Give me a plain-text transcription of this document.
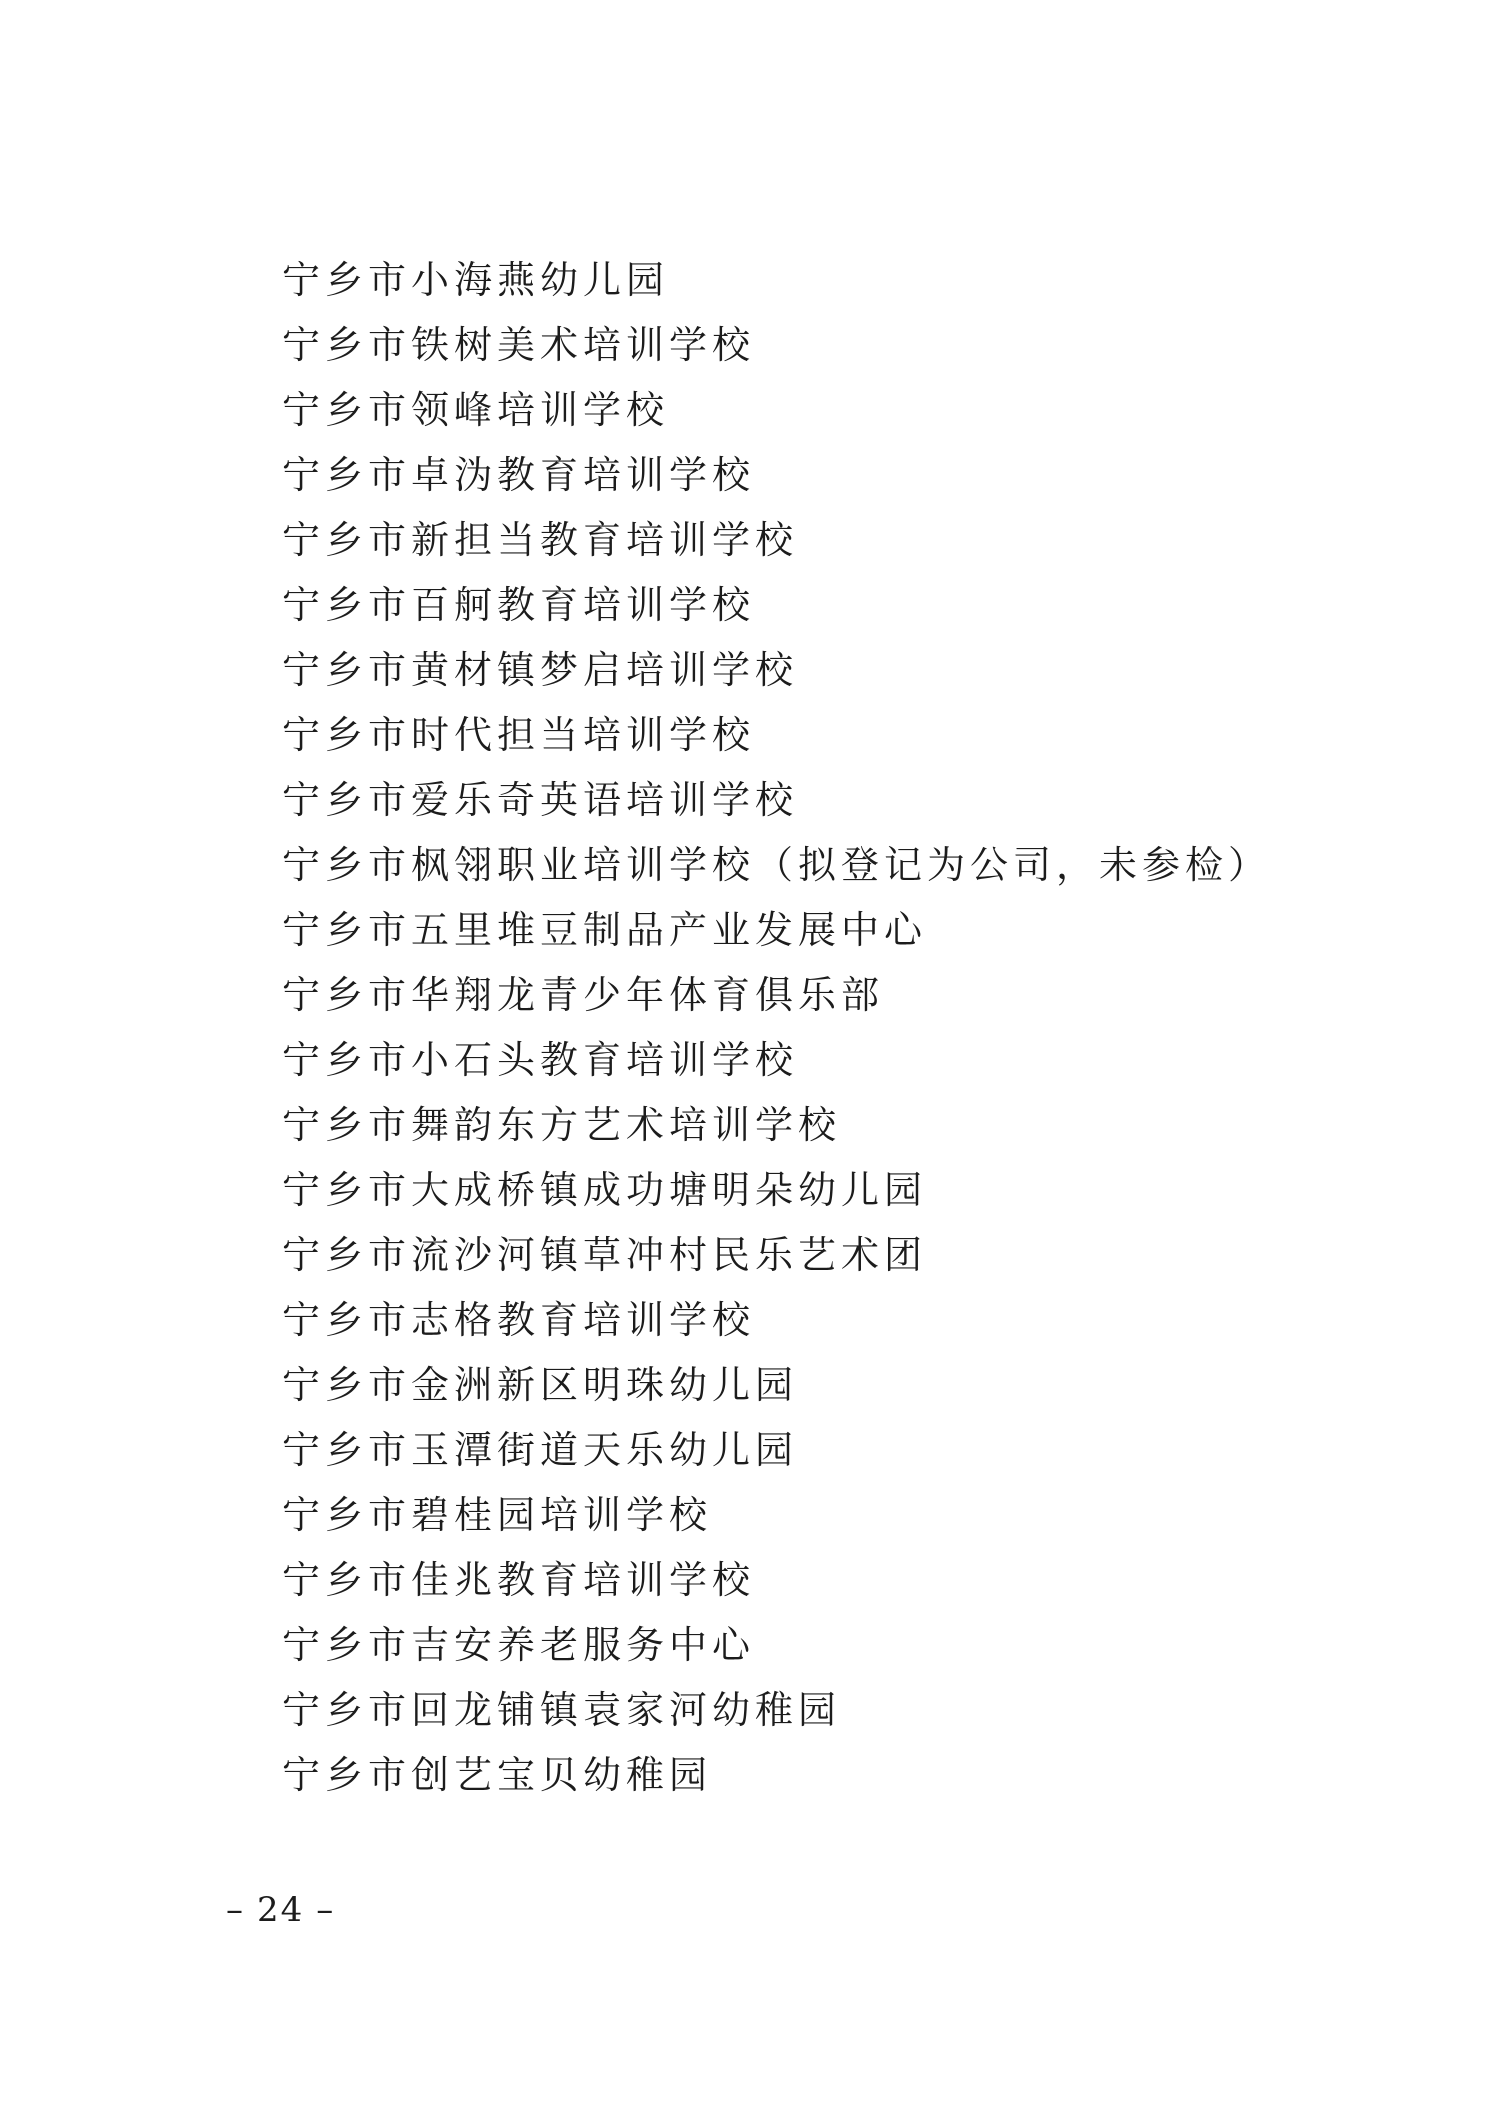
宁乡市小海燕幼儿园
宁乡市铁树美术培训学校
宁乡市领峰培训学校
宁乡市卓沩教育培训学校
宁乡市新担当教育培训学校
宁乡市百舸教育培训学校
宁乡市黄材镇梦启培训学校
宁乡市时代担当培训学校
宁乡市爱乐奇英语培训学校
宁乡市枫翎职业培训学校（拟登记为公司，未参检）
宁乡市五里堆豆制品产业发展中心
宁乡市华翔龙青少年体育俱乐部
宁乡市小石头教育培训学校
宁乡市舞韵东方艺术培训学校
宁乡市大成桥镇成功塘明朵幼儿园
宁乡市流沙河镇草冲村民乐艺术团
宁乡市志格教育培训学校
宁乡市金洲新区明珠幼儿园
宁乡市玉潭街道天乐幼儿园
宁乡市碧桂园培训学校
宁乡市佳兆教育培训学校
宁乡市吉安养老服务中心
宁乡市回龙铺镇袁家河幼稚园
宁乡市创艺宝贝幼稚园
– 24 –
